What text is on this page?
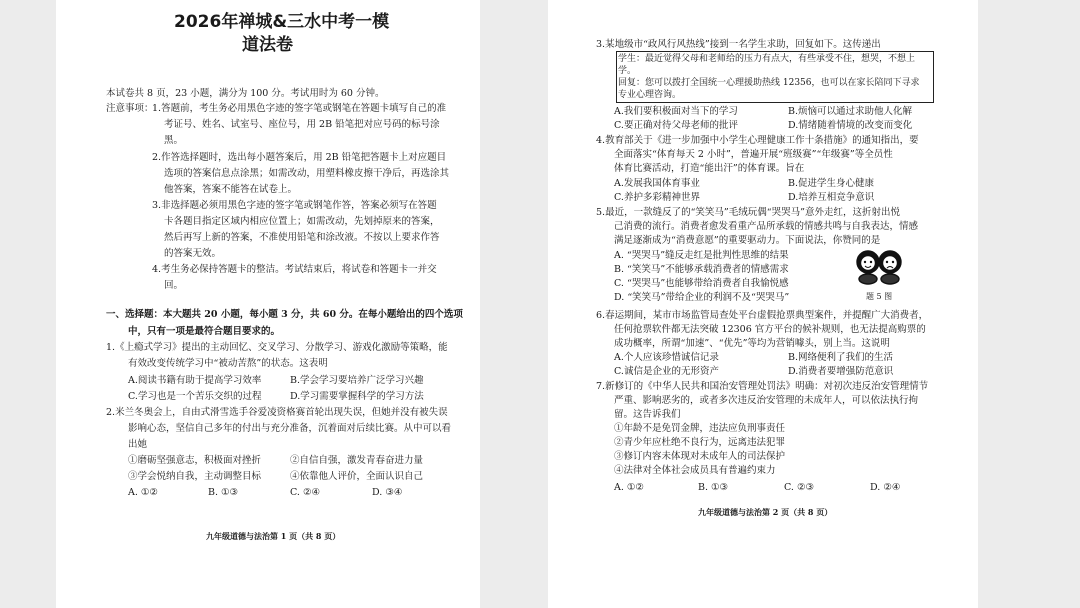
2026年禅城&三水中考一模
道法卷
本试卷共 8 页，23 小题，满分为 100 分。考试用时为 60 分钟。
注意事项：
1.答题前，考生务必用黑色字迹的签字笔或钢笔在答题卡填写自己的准
考证号、姓名、试室号、座位号，用 2B 铅笔把对应号码的标号涂
黑。
2.作答选择题时，选出每小题答案后，用 2B 铅笔把答题卡上对应题目
选项的答案信息点涂黑；如需改动，用塑料橡皮擦干净后，再选涂其
他答案，答案不能答在试卷上。
3.非选择题必须用黑色字迹的签字笔或钢笔作答，答案必须写在答题
卡各题目指定区域内相应位置上；如需改动，先划掉原来的答案，
然后再写上新的答案，不准使用铅笔和涂改液。不按以上要求作答
的答案无效。
4.考生务必保持答题卡的整洁。考试结束后，将试卷和答题卡一并交
回。
一、选择题：本大题共 20 小题，每小题 3 分，共 60 分。在每小题给出的四个选项
中，只有一项是最符合题目要求的。
1.《上瘾式学习》提出的主动回忆、交叉学习、分散学习、游戏化激励等策略，能
有效改变传统学习中“被动苦熬”的状态。这表明
A.阅读书籍有助于提高学习效率	B.学会学习要培养广泛学习兴趣
C.学习也是一个苦乐交织的过程	D.学习需要掌握科学的学习方法
2.米兰冬奥会上，自由式滑雪选手谷爱凌资格赛首轮出现失误，但她并没有被失误
影响心态，坚信自己多年的付出与充分准备，沉着面对后续比赛。从中可以看
出她
①磨砺坚强意志，积极面对挫折	②自信自强，激发青春奋进力量
③学会悦纳自我，主动调整目标	④依靠他人评价，全面认识自己
A. ①②	B. ①③	C. ②④	D. ③④
九年级道德与法治第 1 页（共 8 页）
3.某地级市“政风行风热线”接到一名学生求助，回复如下。这传递出
学生：最近觉得父母和老师给的压力有点大，有些承受不住，想哭，不想上
学。
回复：您可以拨打全国统一心理援助热线 12356，也可以在家长陪同下寻求
专业心理咨询。
A.我们要积极面对当下的学习	B.烦恼可以通过求助他人化解
C.要正确对待父母老师的批评	D.情绪随着情境的改变而变化
4.教育部关于《进一步加强中小学生心理健康工作十条措施》的通知指出，要
全面落实“体育每天 2 小时”，普遍开展“班级赛”“年级赛”等全员性
体育比赛活动，打造“能出汗”的体育课。旨在
A.发展我国体育事业	B.促进学生身心健康
C.养护多彩精神世界	D.培养互相竞争意识
5.最近，一款缝反了的“笑笑马”毛绒玩偶“哭哭马”意外走红，这折射出悦
己消费的流行。消费者愈发看重产品所承载的情感共鸣与自我表达，情感
满足逐渐成为“消费意愿”的重要驱动力。下面说法，你赞同的是
A. “哭哭马”缝反走红是批判性思维的结果
B. “笑笑马”不能够承载消费者的情感需求
C. “哭哭马”也能够带给消费者自我愉悦感
D. “笑笑马”带给企业的利润不及“哭哭马”	题 5 图
6.春运期间，某市市场监管局查处平台虚假抢票典型案件，并提醒广大消费者，
任何抢票软件都无法突破 12306 官方平台的候补规则，也无法提高购票的
成功概率，所谓“加速”、“优先”等均为营销噱头，别上当。这说明
A.个人应该珍惜诚信记录	B.网络便利了我们的生活
C.诚信是企业的无形资产	D.消费者要增强防范意识
7.新修订的《中华人民共和国治安管理处罚法》明确：对初次违反治安管理情节
严重、影响恶劣的，或者多次违反治安管理的未成年人，可以依法执行拘
留。这告诉我们
①年龄不是免罚金牌，违法应负刑事责任
②青少年应杜绝不良行为，远离违法犯罪
③修订内容未体现对未成年人的司法保护
④法律对全体社会成员具有普遍约束力
A. ①②	B. ①③	C. ②③	D. ②④
九年级道德与法治第 2 页（共 8 页）
